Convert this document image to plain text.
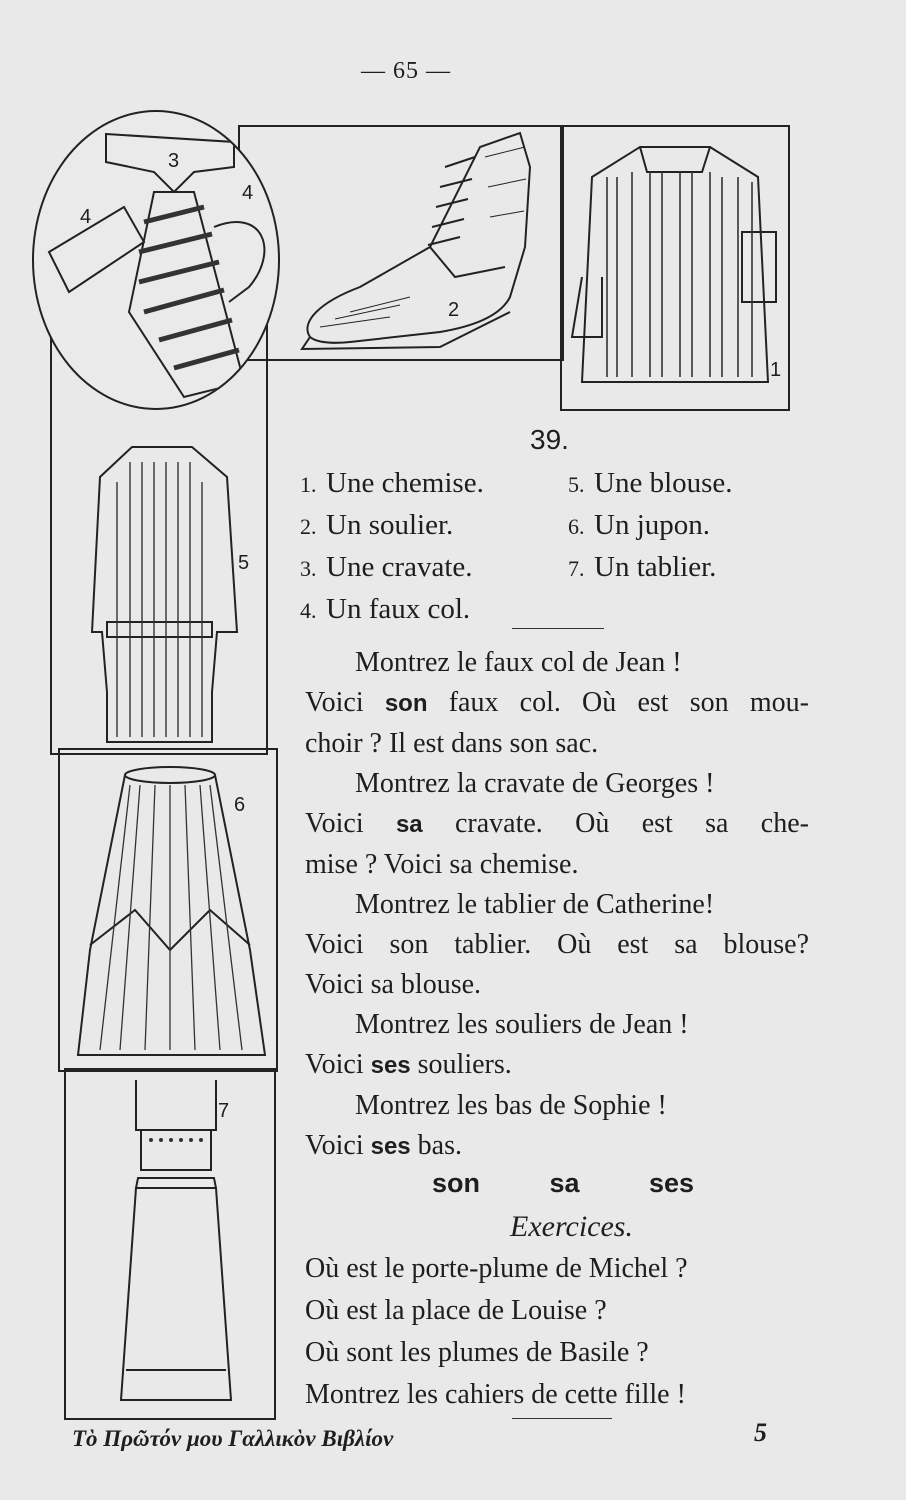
— 65 —
2
1
5
6
7
3
4
4
39.
1. Une chemise.
2. Un soulier.
3. Une cravate.
4. Un faux col.
5. Une blouse.
6. Un jupon.
7. Un tablier.

Montrez le faux col de Jean !

Voici son faux col. Où est son mou-

choir ? Il est dans son sac.

Montrez la cravate de Georges !

Voici sa cravate. Où est sa che-

mise ? Voici sa chemise.

Montrez le tablier de Catherine!

Voici son tablier. Où est sa blouse?

Voici sa blouse.

Montrez les souliers de Jean !

Voici ses souliers.

Montrez les bas de Sophie !

Voici ses bas.

son	sa	ses
Exercices.
Où est le porte-plume de Michel ?
Où est la place de Louise ?
Où sont les plumes de Basile ?
Montrez les cahiers de cette fille !
Τὸ Πρῶτόν μου Γαλλικὸν Βιβλίον	5
